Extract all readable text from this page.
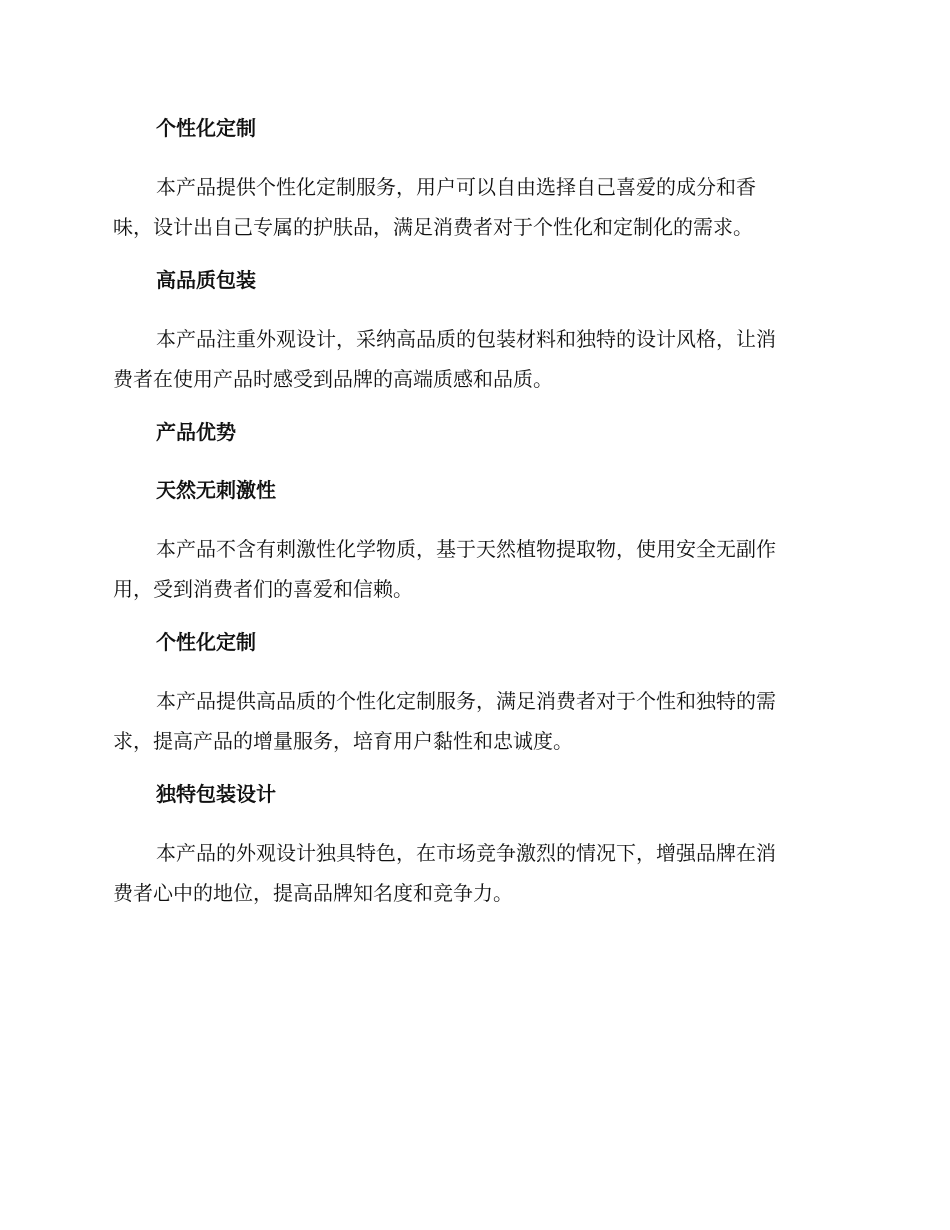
个性化定制

本产品提供个性化定制服务，用户可以自由选择自己喜爱的成分和香
味，设计出自己专属的护肤品，满足消费者对于个性化和定制化的需求。

高品质包装

本产品注重外观设计，采纳高品质的包装材料和独特的设计风格，让消
费者在使用产品时感受到品牌的高端质感和品质。

产品优势
天然无刺激性

本产品不含有刺激性化学物质，基于天然植物提取物，使用安全无副作
用，受到消费者们的喜爱和信赖。

个性化定制

本产品提供高品质的个性化定制服务，满足消费者对于个性和独特的需
求，提高产品的增量服务，培育用户黏性和忠诚度。

独特包装设计

本产品的外观设计独具特色，在市场竞争激烈的情况下，增强品牌在消
费者心中的地位，提高品牌知名度和竞争力。
